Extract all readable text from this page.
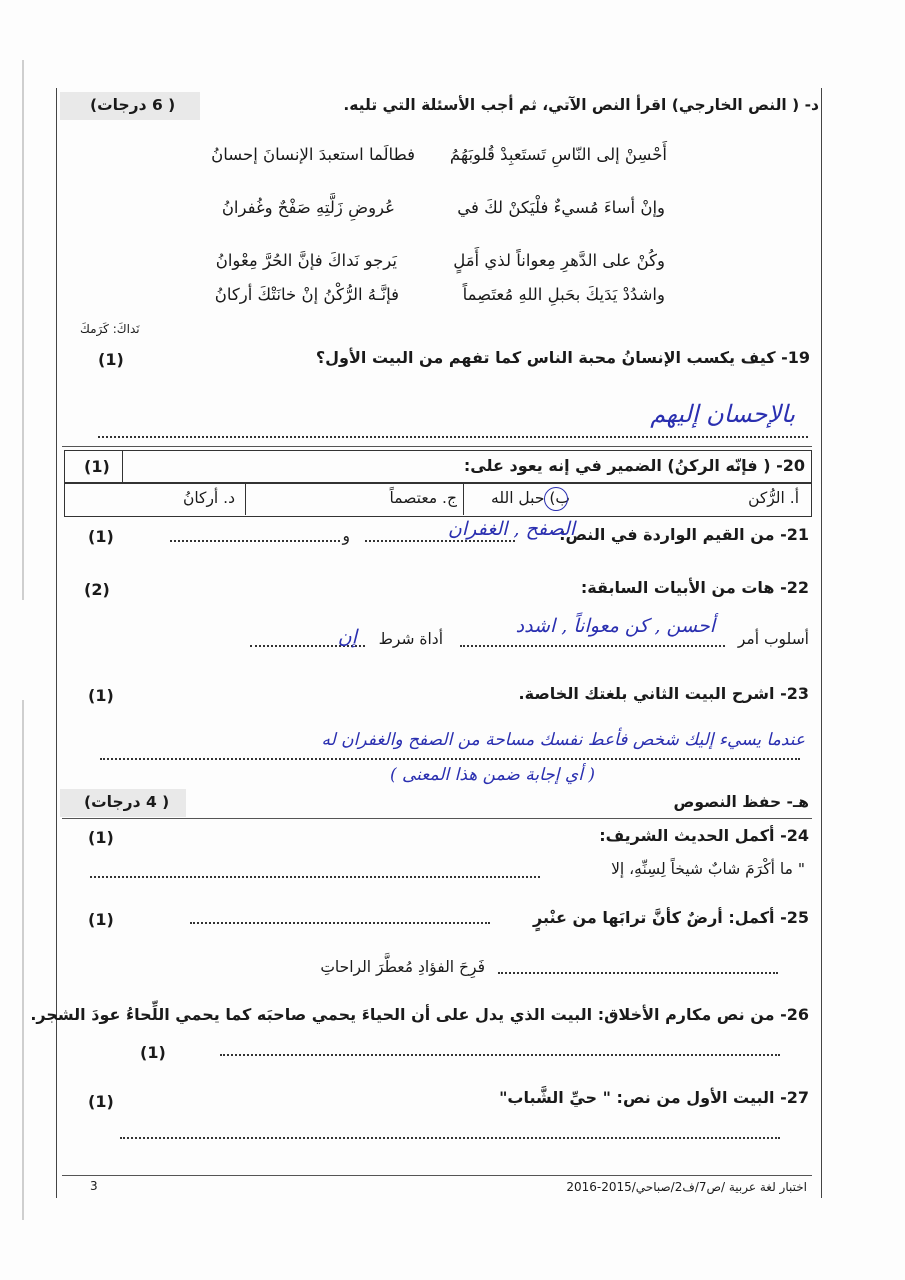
د- ( النص الخارجي) اقرأ النص الآتي، ثم أجب الأسئلة التي تليه.
( 6 درجات)
أَحْسِنْ إلى النّاسِ تَستَعبِدْ قُلوبَهُمُ
فطالَما استعبدَ الإنسانَ إحسانُ
وإنْ أساءَ مُسيءٌ فلْيَكنْ لكَ في
عُروضِ زَلَّتِهِ صَفْحٌ وغُفرانُ
وكُنْ على الدَّهرِ مِعواناً لذي أَمَلٍ
يَرجو نَداكَ فإنَّ الحُرَّ مِعْوانُ
واشدُدْ يَدَيكَ بحَبلِ اللهِ مُعتَصِماً
فإنَّـهُ الرُّكْنُ إنْ خانَتْكَ أركانُ
نَداكَ: كَرَمكَ
19- كيف يكسب الإنسانُ محبة الناس كما تفهم من البيت الأول؟
(1)
بالإحسان إليهم
20- ( فإنّه الركنُ) الضمير في إنه يعود على:
(1)
أ. الرُّكن
ب) حبل الله
ج. معتصماً
د. أركانُ
21- من القيم الواردة في النص:
(1)	و	الصفح , الغفران
22- هات من الأبيات السابقة:
(2)
أسلوب أمر
أحسن , كن معواناً , اشدد
أداة شرط
إن
23- اشرح البيت الثاني بلغتك الخاصة.
(1)
عندما يسيء إليك شخص فأعط نفسك مساحة من الصفح والغفران له
( أي إجابة ضمن هذا المعنى )
هـ- حفظ النصوص
( 4 درجات)
24- أكمل الحديث الشريف:
(1)
" ما أكْرَمَ شابٌ شيخاً لِسِنِّهِ، إلا
25- أكمل: أرضٌ كأنَّ ترابَها من عنْبرٍ
(1)
فَرِحَ الفؤادِ مُعطَّرَ الراحاتِ
26- من نص مكارم الأخلاق: البيت الذي يدل على أن الحياءَ يحمي صاحبَه كما يحمي اللِّحاءُ عودَ الشجر.
(1)
27- البيت الأول من نص: " حيِّ الشَّباب"
(1)
3	اختبار لغة عربية /ص7/ف2/صباحي/2015-2016
